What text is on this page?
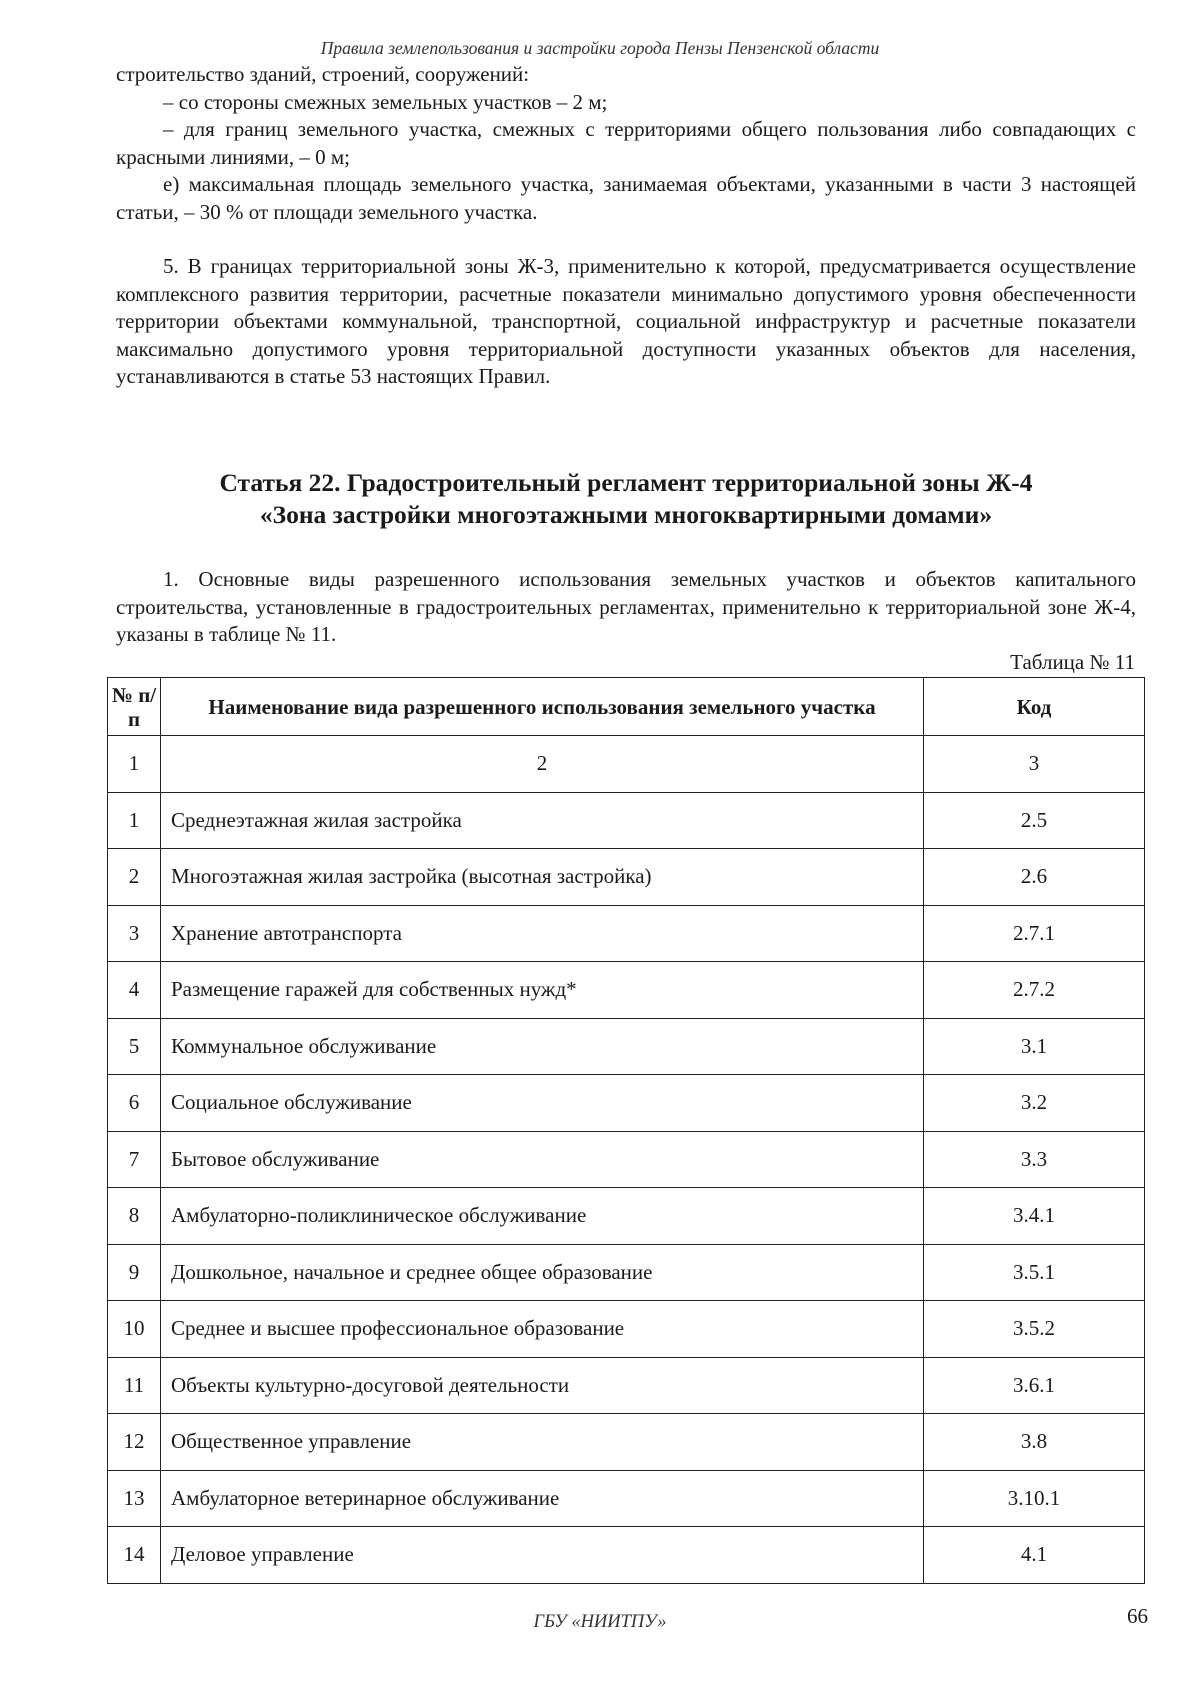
Правила землепользования и застройки города Пензы Пензенской области

строительство зданий, строений, сооружений:

– со стороны смежных земельных участков – 2 м;

– для границ земельного участка, смежных с территориями общего пользования либо совпадающих с красными линиями, – 0 м;

е) максимальная площадь земельного участка, занимаемая объектами, указанными в части 3 настоящей статьи, – 30 % от площади земельного участка.

5. В границах территориальной зоны Ж-3, применительно к которой, предусматривается осуществление комплексного развития территории, расчетные показатели минимально допустимого уровня обеспеченности территории объектами коммунальной, транспортной, социальной инфраструктур и расчетные показатели максимально допустимого уровня территориальной доступности указанных объектов для населения, устанавливаются в статье 53 настоящих Правил.

Статья 22. Градостроительный регламент территориальной зоны Ж-4
«Зона застройки многоэтажными многоквартирными домами»

1. Основные виды разрешенного использования земельных участков и объектов капитального строительства, установленные в градостроительных регламентах, применительно к территориальной зоне Ж-4, указаны в таблице № 11.

Таблица № 11
№ п/п	Наименование вида разрешенного использования земельного участка	Код
1	2	3
1	Среднеэтажная жилая застройка	2.5
2	Многоэтажная жилая застройка (высотная застройка)	2.6
3	Хранение автотранспорта	2.7.1
4	Размещение гаражей для собственных нужд*	2.7.2
5	Коммунальное обслуживание	3.1
6	Социальное обслуживание	3.2
7	Бытовое обслуживание	3.3
8	Амбулаторно-поликлиническое обслуживание	3.4.1
9	Дошкольное, начальное и среднее общее образование	3.5.1
10	Среднее и высшее профессиональное образование	3.5.2
11	Объекты культурно-досуговой деятельности	3.6.1
12	Общественное управление	3.8
13	Амбулаторное ветеринарное обслуживание	3.10.1
14	Деловое управление	4.1
ГБУ «НИИТПУ»	66
